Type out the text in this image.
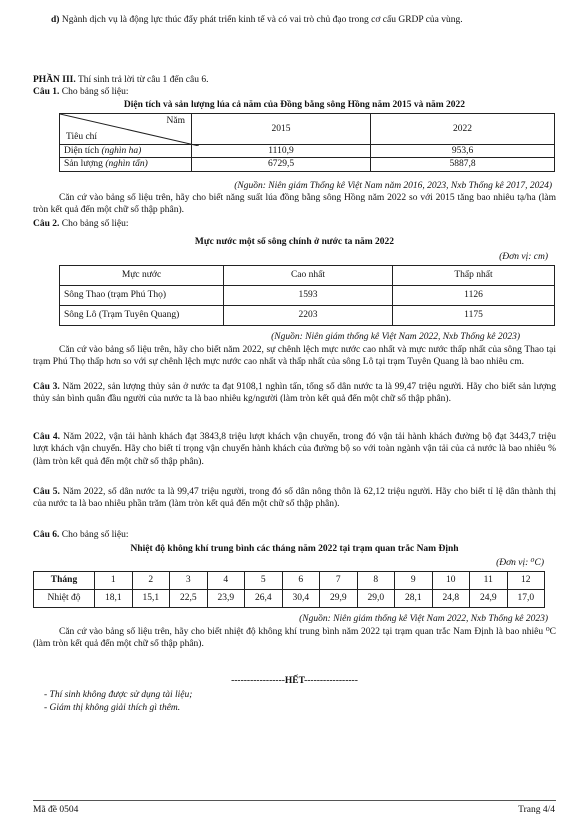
d) Ngành dịch vụ là động lực thúc đẩy phát triển kinh tế và có vai trò chủ đạo trong cơ cấu GRDP của vùng.

PHẦN III. Thí sinh trả lời từ câu 1 đến câu 6.

Câu 1. Cho bảng số liệu:

Diện tích và sản lượng lúa cả năm của Đồng bằng sông Hồng năm 2015 và năm 2022

Năm
Tiêu chí	2015	2022
Diện tích (nghìn ha)	1110,9	953,6
Sản lượng (nghìn tấn)	6729,5	5887,8

(Nguồn: Niên giám Thống kê Việt Nam năm 2016, 2023, Nxb Thống kê 2017, 2024)

Căn cứ vào bảng số liệu trên, hãy cho biết năng suất lúa đồng bằng sông Hồng năm 2022 so với 2015 tăng bao nhiêu tạ/ha (làm tròn kết quả đến một chữ số thập phân).

Câu 2. Cho bảng số liệu:

Mực nước một số sông chính ở nước ta năm 2022

(Đơn vị: cm)

Mực nước	Cao nhất	Thấp nhất
Sông Thao (trạm Phú Thọ)	1593	1126
Sông Lô (Trạm Tuyên Quang)	2203	1175

(Nguồn: Niên giám thống kê Việt Nam 2022, Nxb Thống kê 2023)

Căn cứ vào bảng số liệu trên, hãy cho biết năm 2022, sự chênh lệch mực nước cao nhất và mực nước thấp nhất của sông Thao tại trạm Phú Thọ thấp hơn so với sự chênh lệch mực nước cao nhất và thấp nhất của sông Lô tại trạm Tuyên Quang là bao nhiêu cm.

Câu 3. Năm 2022, sản lượng thủy sản ở nước ta đạt 9108,1 nghìn tấn, tổng số dân nước ta là 99,47 triệu người. Hãy cho biết sản lượng thủy sản bình quân đầu người của nước ta là bao nhiêu kg/người (làm tròn kết quả đến một chữ số thập phân).

Câu 4. Năm 2022, vận tải hành khách đạt 3843,8 triệu lượt khách vận chuyển, trong đó vận tải hành khách đường bộ đạt 3443,7 triệu lượt khách vận chuyển. Hãy cho biết tỉ trọng vận chuyển hành khách của đường bộ so với toàn ngành vận tải của cả nước là bao nhiêu % (làm tròn kết quả đến một chữ số thập phân).

Câu 5. Năm 2022, số dân nước ta là 99,47 triệu người, trong đó số dân nông thôn là 62,12 triệu người. Hãy cho biết tỉ lệ dân thành thị của nước ta là bao nhiêu phần trăm (làm tròn kết quả đến một chữ số thập phân).

Câu 6. Cho bảng số liệu:

Nhiệt độ không khí trung bình các tháng năm 2022 tại trạm quan trắc Nam Định

(Đơn vị: ⁰C)

Tháng	1	2	3	4	5	6	7	8	9	10	11	12
Nhiệt độ	18,1	15,1	22,5	23,9	26,4	30,4	29,9	29,0	28,1	24,8	24,9	17,0

(Nguồn: Niên giám thống kê Việt Nam 2022, Nxb Thống kê 2023)

Căn cứ vào bảng số liệu trên, hãy cho biết nhiệt độ không khí trung bình năm 2022 tại trạm quan trắc Nam Định là bao nhiêu ⁰C (làm tròn kết quả đến một chữ số thập phân).

-----------------HẾT-----------------

- Thí sinh không được sử dụng tài liệu;

- Giám thị không giải thích gì thêm.

Mã đề 0504	Trang 4/4
